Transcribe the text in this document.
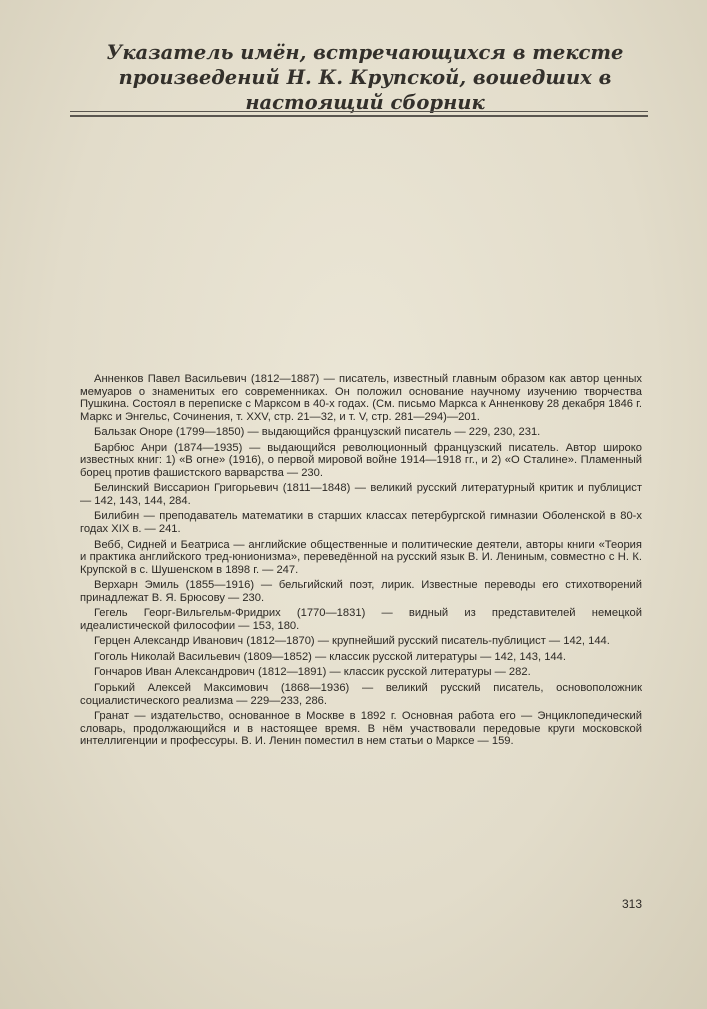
Указатель имён, встречающихся в тексте
произведений Н. К. Крупской, вошедших в
настоящий сборник

Анненков Павел Васильевич (1812—1887) — писатель, известный главным образом как автор ценных мемуаров о знаменитых его современниках. Он положил основание научному изучению творчества Пушкина. Состоял в переписке с Марксом в 40-х годах. (См. письмо Маркса к Анненкову 28 декабря 1846 г. Маркс и Энгельс, Сочинения, т. XXV, стр. 21—32, и т. V, стр. 281—294)—201.

Бальзак Оноре (1799—1850) — выдающийся французский писатель — 229, 230, 231.

Барбюс Анри (1874—1935) — выдающийся революционный французский писатель. Автор широко известных книг: 1) «В огне» (1916), о первой мировой войне 1914—1918 гг., и 2) «О Сталине». Пламенный борец против фашистского варварства — 230.

Белинский Виссарион Григорьевич (1811—1848) — великий русский литературный критик и публицист — 142, 143, 144, 284.

Билибин — преподаватель математики в старших классах петербургской гимназии Оболенской в 80-х годах XIX в. — 241.

Вебб, Сидней и Беатриса — английские общественные и политические деятели, авторы книги «Теория и практика английского тред-юнионизма», переведённой на русский язык В. И. Лениным, совместно с Н. К. Крупской в с. Шушенском в 1898 г. — 247.

Верхарн Эмиль (1855—1916) — бельгийский поэт, лирик. Известные переводы его стихотворений принадлежат В. Я. Брюсову — 230.

Гегель Георг-Вильгельм-Фридрих (1770—1831) — видный из представителей немецкой идеалистической философии — 153, 180.

Герцен Александр Иванович (1812—1870) — крупнейший русский писатель-публицист — 142, 144.

Гоголь Николай Васильевич (1809—1852) — классик русской литературы — 142, 143, 144.

Гончаров Иван Александрович (1812—1891) — классик русской литературы — 282.

Горький Алексей Максимович (1868—1936) — великий русский писатель, основоположник социалистического реализма — 229—233, 286.

Гранат — издательство, основанное в Москве в 1892 г. Основная работа его — Энциклопедический словарь, продолжающийся и в настоящее время. В нём участвовали передовые круги московской интеллигенции и профессуры. В. И. Ленин поместил в нем статьи о Марксе — 159.

313
